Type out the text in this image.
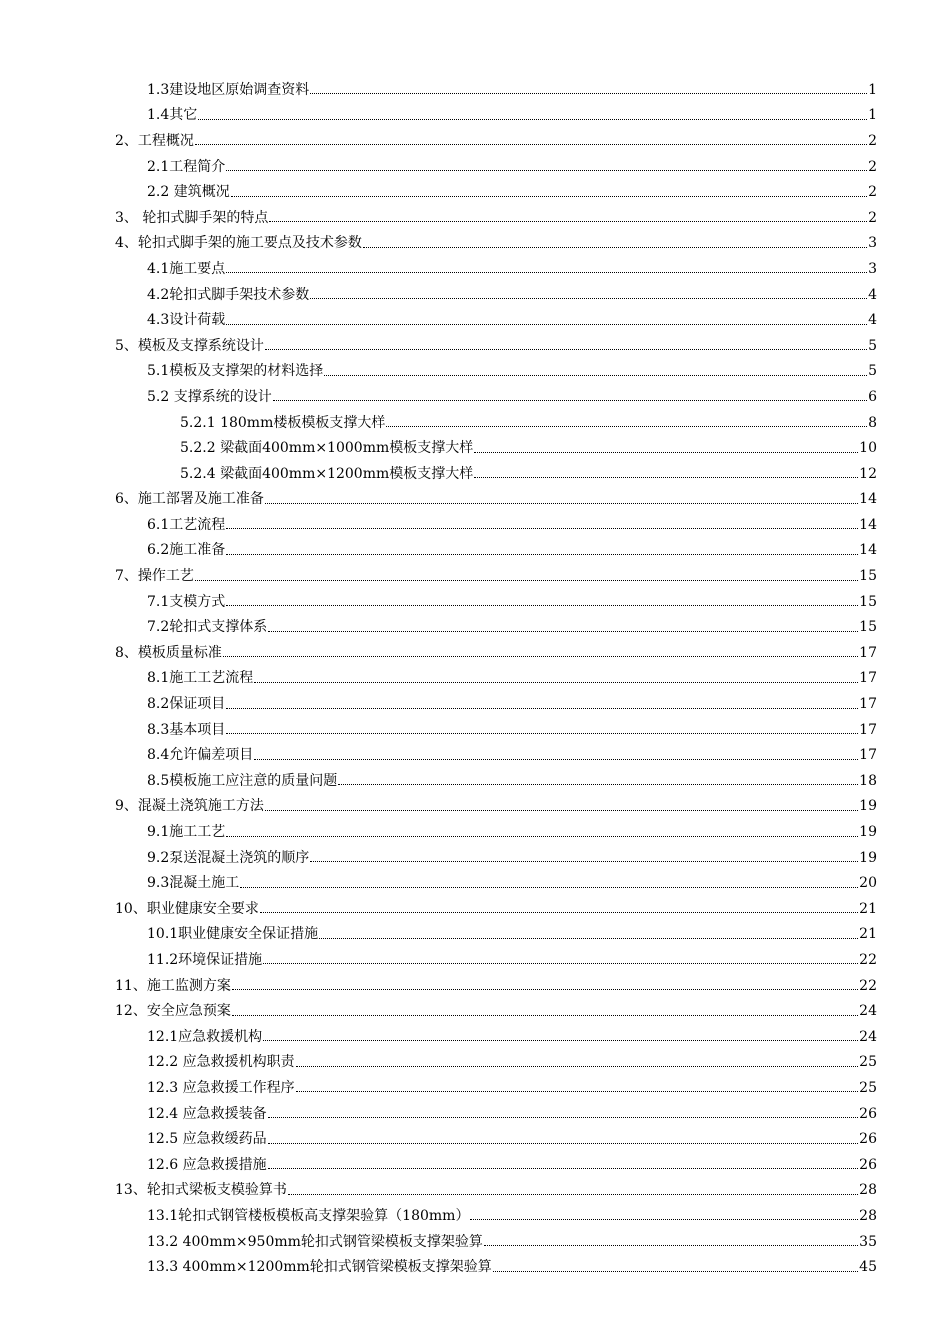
1.3建设地区原始调查资料	1
1.4其它	1
2、工程概况	2
2.1工程简介	2
2.2 建筑概况	2
3、 轮扣式脚手架的特点	2
4、轮扣式脚手架的施工要点及技术参数	3
4.1施工要点	3
4.2轮扣式脚手架技术参数	4
4.3设计荷载	4
5、模板及支撑系统设计	5
5.1模板及支撑架的材料选择	5
5.2 支撑系统的设计	6
5.2.1 180mm楼板模板支撑大样	8
5.2.2 梁截面400mm×1000mm模板支撑大样	10
5.2.4 梁截面400mm×1200mm模板支撑大样	12
6、施工部署及施工准备	14
6.1工艺流程	14
6.2施工准备	14
7、操作工艺	15
7.1支模方式	15
7.2轮扣式支撑体系	15
8、模板质量标准	17
8.1施工工艺流程	17
8.2保证项目	17
8.3基本项目	17
8.4允许偏差项目	17
8.5模板施工应注意的质量问题	18
9、混凝土浇筑施工方法	19
9.1施工工艺	19
9.2泵送混凝土浇筑的顺序	19
9.3混凝土施工	20
10、职业健康安全要求	21
10.1职业健康安全保证措施	21
11.2环境保证措施	22
11、施工监测方案	22
12、安全应急预案	24
12.1应急救援机构	24
12.2 应急救援机构职责	25
12.3 应急救援工作程序	25
12.4 应急救援装备	26
12.5 应急救缓药品	26
12.6 应急救援措施	26
13、轮扣式梁板支模验算书	28
13.1轮扣式钢管楼板模板高支撑架验算（180mm）	28
13.2 400mm×950mm轮扣式钢管梁模板支撑架验算	35
13.3 400mm×1200mm轮扣式钢管梁模板支撑架验算	45
